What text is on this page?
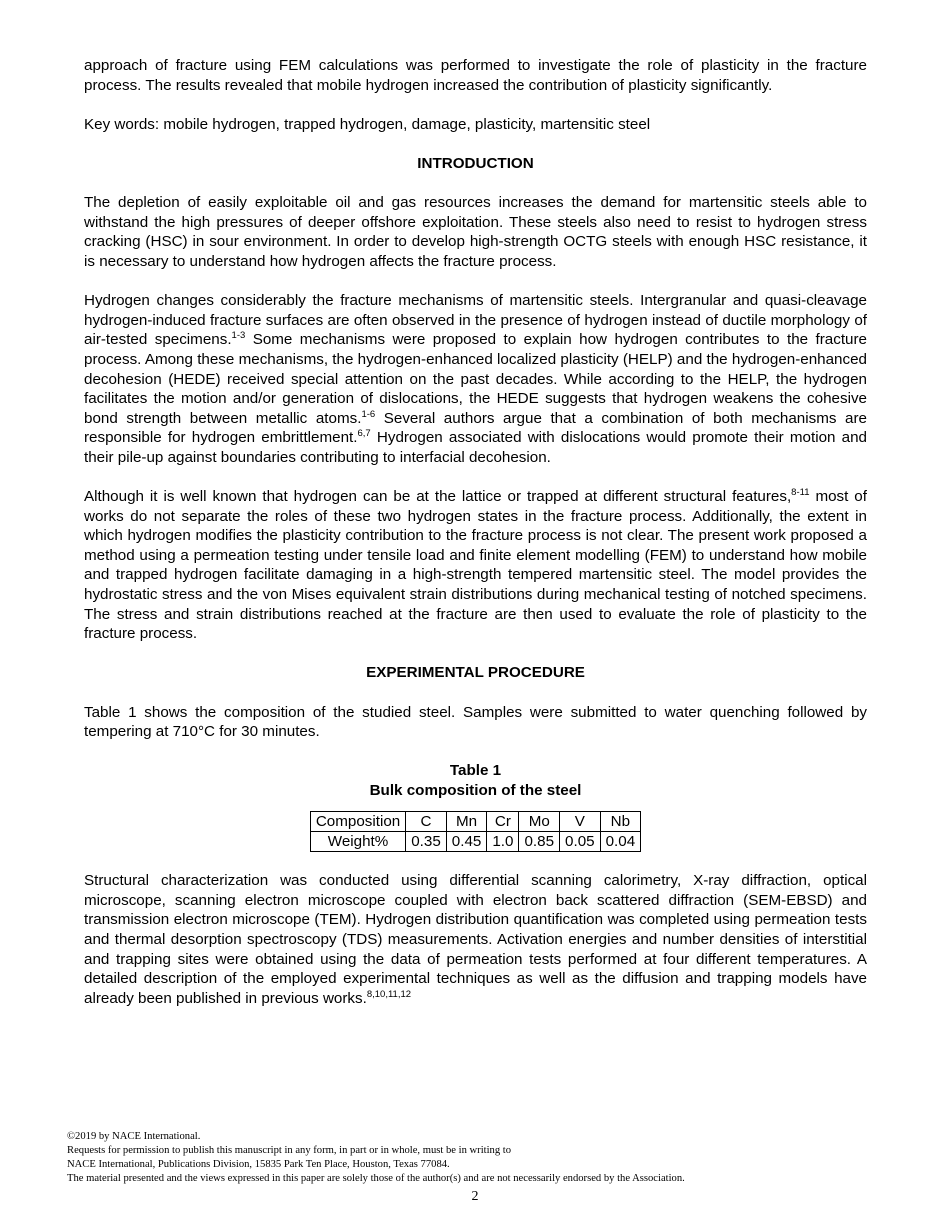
approach of fracture using FEM calculations was performed to investigate the role of plasticity in the fracture process. The results revealed that mobile hydrogen increased the contribution of plasticity significantly.

Key words: mobile hydrogen, trapped hydrogen, damage, plasticity, martensitic steel

INTRODUCTION

The depletion of easily exploitable oil and gas resources increases the demand for martensitic steels able to withstand the high pressures of deeper offshore exploitation. These steels also need to resist to hydrogen stress cracking (HSC) in sour environment. In order to develop high-strength OCTG steels with enough HSC resistance, it is necessary to understand how hydrogen affects the fracture process.

Hydrogen changes considerably the fracture mechanisms of martensitic steels. Intergranular and quasi-cleavage hydrogen-induced fracture surfaces are often observed in the presence of hydrogen instead of ductile morphology of air-tested specimens.$^{1-3}$ Some mechanisms were proposed to explain how hydrogen contributes to the fracture process. Among these mechanisms, the hydrogen-enhanced localized plasticity (HELP) and the hydrogen-enhanced decohesion (HEDE) received special attention on the past decades. While according to the HELP, the hydrogen facilitates the motion and/or generation of dislocations, the HEDE suggests that hydrogen weakens the cohesive bond strength between metallic atoms.$^{1-6}$ Several authors argue that a combination of both mechanisms are responsible for hydrogen embrittlement.$^{6,7}$ Hydrogen associated with dislocations would promote their motion and their pile-up against boundaries contributing to interfacial decohesion.

Although it is well known that hydrogen can be at the lattice or trapped at different structural features,$^{8-11}$ most of works do not separate the roles of these two hydrogen states in the fracture process. Additionally, the extent in which hydrogen modifies the plasticity contribution to the fracture process is not clear. The present work proposed a method using a permeation testing under tensile load and finite element modelling (FEM) to understand how mobile and trapped hydrogen facilitate damaging in a high-strength tempered martensitic steel. The model provides the hydrostatic stress and the von Mises equivalent strain distributions during mechanical testing of notched specimens. The stress and strain distributions reached at the fracture are then used to evaluate the role of plasticity to the fracture process.

EXPERIMENTAL PROCEDURE

Table 1 shows the composition of the studied steel. Samples were submitted to water quenching followed by tempering at 710°C for 30 minutes.

Table 1
Bulk composition of the steel
Composition	C	Mn	Cr	Mo	V	Nb
Weight%	0.35	0.45	1.0	0.85	0.05	0.04

Structural characterization was conducted using differential scanning calorimetry, X-ray diffraction, optical microscope, scanning electron microscope coupled with electron back scattered diffraction (SEM-EBSD) and transmission electron microscope (TEM). Hydrogen distribution quantification was completed using permeation tests and thermal desorption spectroscopy (TDS) measurements. Activation energies and number densities of interstitial and trapping sites were obtained using the data of permeation tests performed at four different temperatures. A detailed description of the employed experimental techniques as well as the diffusion and trapping models have already been published in previous works.$^{8,10,11,12}$

©2019 by NACE International.
Requests for permission to publish this manuscript in any form, in part or in whole, must be in writing to
NACE International, Publications Division, 15835 Park Ten Place, Houston, Texas 77084.
The material presented and the views expressed in this paper are solely those of the author(s) and are not necessarily endorsed by the Association.
2
